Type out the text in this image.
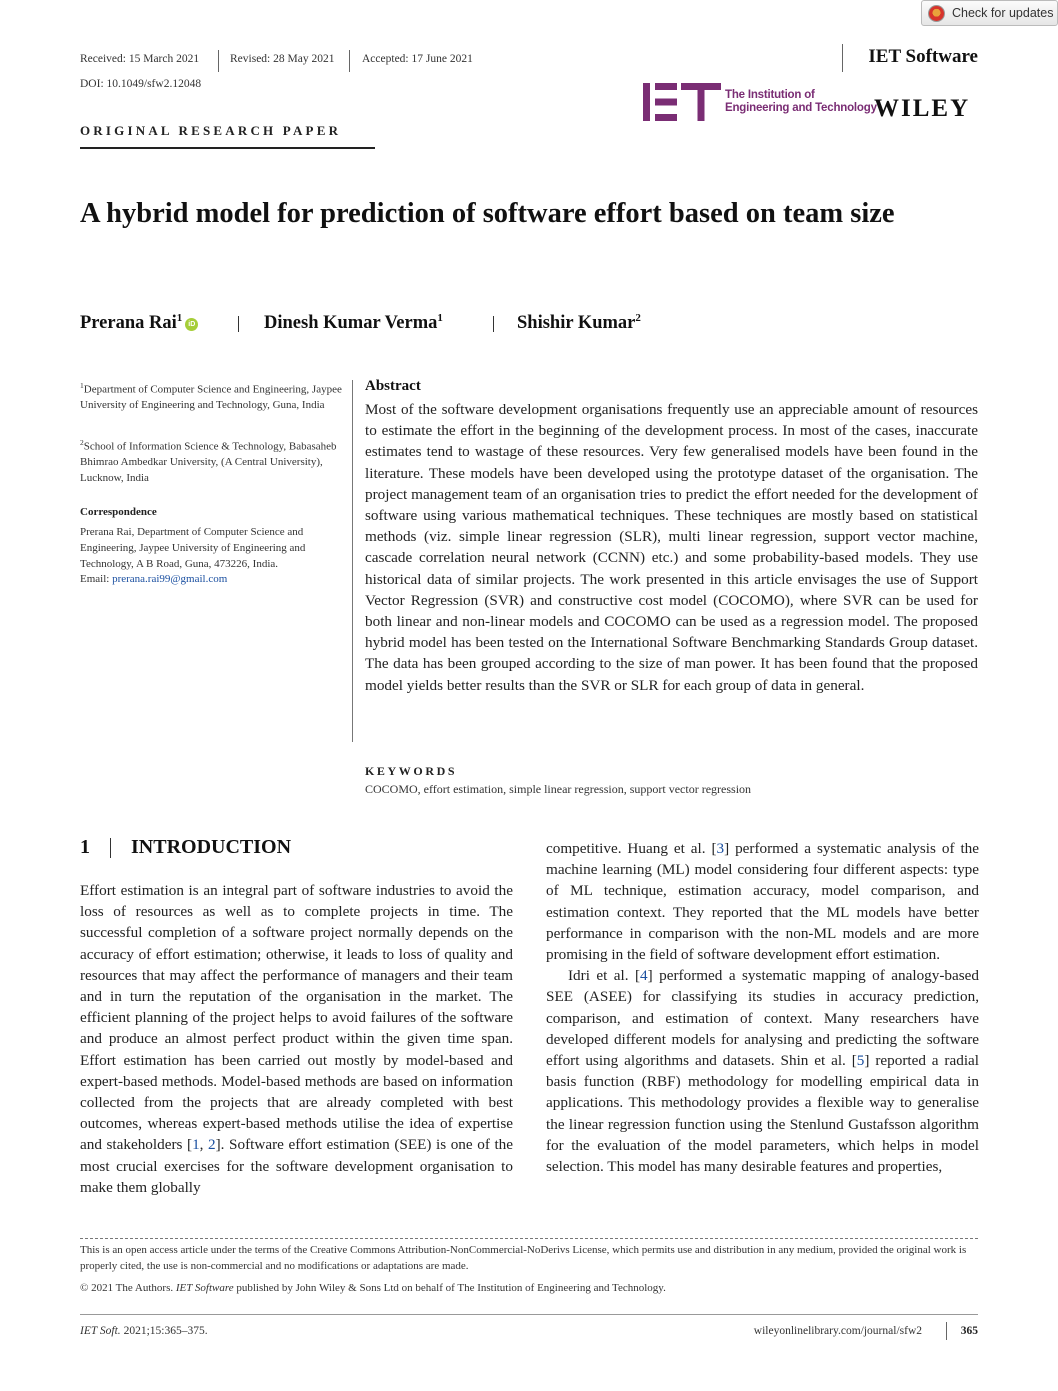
Check for updates
Received: 15 March 2021	Revised: 28 May 2021 Accepted: 17 June 2021	IET Software
DOI: 10.1049/sfw2.12048
The Institution of
Engineering and Technology
WILEY
ORIGINAL RESEARCH PAPER
A hybrid model for prediction of software effort based on team size
Prerana Rai$^1$iD	Dinesh Kumar Verma$^1$	Shishir Kumar$^2$
$^1$Department of Computer Science and Engineering, Jaypee University of Engineering and Technology, Guna, India
$^2$School of Information Science & Technology, Babasaheb Bhimrao Ambedkar University, (A Central University), Lucknow, India
Correspondence
Prerana Rai, Department of Computer Science and Engineering, Jaypee University of Engineering and Technology, A B Road, Guna, 473226, India.
Email: prerana.rai99@gmail.com
Abstract
Most of the software development organisations frequently use an appreciable amount of resources to estimate the effort in the beginning of the development process. In most of the cases, inaccurate estimates tend to wastage of these resources. Very few generalised models have been found in the literature. These models have been developed using the prototype dataset of the organisation. The project management team of an organisation tries to predict the effort needed for the development of software using various mathematical techniques. These techniques are mostly based on statistical methods (viz. simple linear regression (SLR), multi linear regression, support vector machine, cascade correlation neural network (CCNN) etc.) and some probability-based models. They use historical data of similar projects. The work presented in this article envisages the use of Support Vector Regression (SVR) and constructive cost model (COCOMO), where SVR can be used for both linear and non-linear models and COCOMO can be used as a regression model. The proposed hybrid model has been tested on the International Software Benchmarking Standards Group dataset. The data has been grouped according to the size of man power. It has been found that the proposed model yields better results than the SVR or SLR for each group of data in general.
KEYWORDS
COCOMO, effort estimation, simple linear regression, support vector regression
1 INTRODUCTION

Effort estimation is an integral part of software industries to avoid the loss of resources as well as to complete projects in time. The successful completion of a software project normally depends on the accuracy of effort estimation; otherwise, it leads to loss of quality and resources that may affect the performance of managers and their team and in turn the reputation of the organisation in the market. The efficient planning of the project helps to avoid failures of the software and produce an almost perfect product within the given time span. Effort estimation has been carried out mostly by model-based and expert-based methods. Model-based methods are based on information collected from the projects that are already completed with best outcomes, whereas expert-based methods utilise the idea of expertise and stakeholders [1, 2]. Software effort estimation (SEE) is one of the most crucial exercises for the software development organisation to make them globally

competitive. Huang et al. [3] performed a systematic analysis of the machine learning (ML) model considering four different aspects: type of ML technique, estimation accuracy, model comparison, and estimation context. They reported that the ML models have better performance in comparison with the non-ML models and are more promising in the field of software development effort estimation.

Idri et al. [4] performed a systematic mapping of analogy-based SEE (ASEE) for classifying its studies in accuracy prediction, comparison, and estimation of context. Many researchers have developed different models for analysing and predicting the software effort using algorithms and datasets. Shin et al. [5] reported a radial basis function (RBF) methodology for modelling empirical data in applications. This methodology provides a flexible way to generalise the linear regression function using the Stenlund Gustafsson algorithm for the evaluation of the model parameters, which helps in model selection. This model has many desirable features and properties,

This is an open access article under the terms of the Creative Commons Attribution-NonCommercial-NoDerivs License, which permits use and distribution in any medium, provided the original work is properly cited, the use is non-commercial and no modifications or adaptations are made.
© 2021 The Authors. IET Software published by John Wiley & Sons Ltd on behalf of The Institution of Engineering and Technology.
IET Soft. 2021;15:365–375.	wileyonlinelibrary.com/journal/sfw2	365
